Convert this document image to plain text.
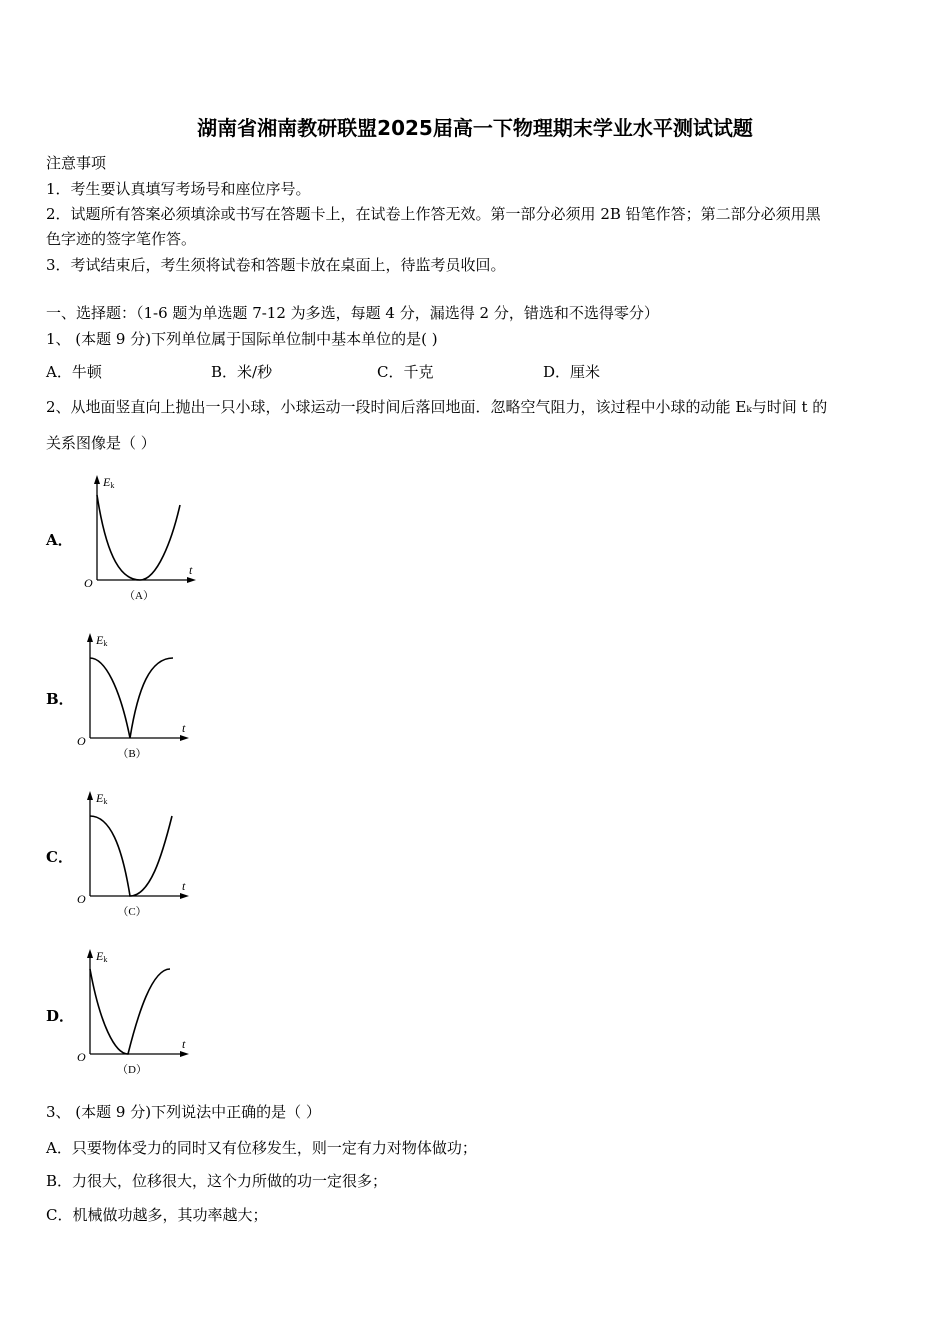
湖南省湘南教研联盟2025届高一下物理期末学业水平测试试题
注意事项
1．考生要认真填写考场号和座位序号。
2．试题所有答案必须填涂或书写在答题卡上，在试卷上作答无效。第一部分必须用 2B 铅笔作答；第二部分必须用黑
色字迹的签字笔作答。
3．考试结束后，考生须将试卷和答题卡放在桌面上，待监考员收回。
一、选择题：（1-6 题为单选题 7-12 为多选，每题 4 分，漏选得 2 分，错选和不选得零分）
1、 (本题 9 分)下列单位属于国际单位制中基本单位的是( )
A．牛顿	B．米/秒	C．千克	D．厘米
2、从地面竖直向上抛出一只小球，小球运动一段时间后落回地面．忽略空气阻力，该过程中小球的动能 Eₖ与时间 t 的
关系图像是（ ）
A．
B．
C．
D．
3、 (本题 9 分)下列说法中正确的是（ ）
A．只要物体受力的同时又有位移发生，则一定有力对物体做功；
B．力很大，位移很大，这个力所做的功一定很多；
C．机械做功越多，其功率越大；
Ek
t
O
（A）
Ek
t
O
（B）
Ek
t
O
（C）
Ek
t
O
（D）
